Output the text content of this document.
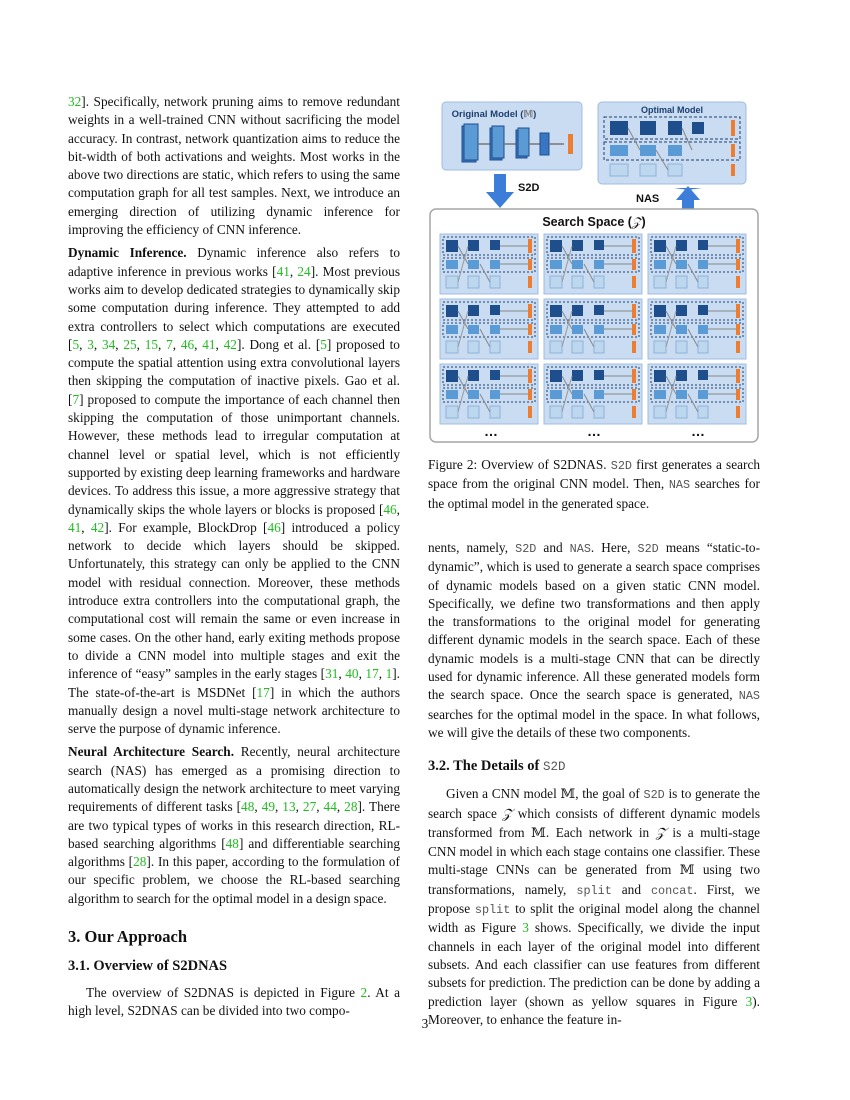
32]. Specifically, network pruning aims to remove redundant weights in a well-trained CNN without sacrificing the model accuracy. In contrast, network quantization aims to reduce the bit-width of both activations and weights. Most works in the above two directions are static, which refers to using the same computation graph for all test samples. Next, we introduce an emerging direction of utilizing dynamic inference for improving the efficiency of CNN inference.

Dynamic Inference. Dynamic inference also refers to adaptive inference in previous works [41, 24]. Most previous works aim to develop dedicated strategies to dynamically skip some computation during inference. They attempted to add extra controllers to select which computations are executed [5, 3, 34, 25, 15, 7, 46, 41, 42]. Dong et al. [5] proposed to compute the spatial attention using extra convolutional layers then skipping the computation of inactive pixels. Gao et al. [7] proposed to compute the importance of each channel then skipping the computation of those unimportant channels. However, these methods lead to irregular computation at channel level or spatial level, which is not efficiently supported by existing deep learning frameworks and hardware devices. To address this issue, a more aggressive strategy that dynamically skips the whole layers or blocks is proposed [46, 41, 42]. For example, BlockDrop [46] introduced a policy network to decide which layers should be skipped. Unfortunately, this strategy can only be applied to the CNN model with residual connection. Moreover, these methods introduce extra controllers into the computational graph, the computational cost will remain the same or even increase in some cases. On the other hand, early exiting methods propose to divide a CNN model into multiple stages and exit the inference of “easy” samples in the early stages [31, 40, 17, 1]. The state-of-the-art is MSDNet [17] in which the authors manually design a novel multi-stage network architecture to serve the purpose of dynamic inference.

Neural Architecture Search. Recently, neural architecture search (NAS) has emerged as a promising direction to automatically design the network architecture to meet varying requirements of different tasks [48, 49, 13, 27, 44, 28]. There are two typical types of works in this research direction, RL-based searching algorithms [48] and differentiable searching algorithms [28]. In this paper, according to the formulation of our specific problem, we choose the RL-based searching algorithm to search for the optimal model in a design space.

3. Our Approach
3.1. Overview of S2DNAS

The overview of S2DNAS is depicted in Figure 2. At a high level, S2DNAS can be divided into two compo-

Original Model (𝕄)	Optimal Model
S2D
NAS
Search Space (𝒵)
…	…	…
Figure 2: Overview of S2DNAS. S2D first generates a search space from the original CNN model. Then, NAS searches for the optimal model in the generated space.

nents, namely, S2D and NAS. Here, S2D means “static-to-dynamic”, which is used to generate a search space comprises of dynamic models based on a given static CNN model. Specifically, we define two transformations and then apply the transformations to the original model for generating different dynamic models in the search space. Each of these dynamic models is a multi-stage CNN that can be directly used for dynamic inference. All these generated models form the search space. Once the search space is generated, NAS searches for the optimal model in the space. In what follows, we will give the details of these two components.

3.2. The Details of S2D

Given a CNN model 𝕄, the goal of S2D is to generate the search space 𝒵 which consists of different dynamic models transformed from 𝕄. Each network in 𝒵 is a multi-stage CNN model in which each stage contains one classifier. These multi-stage CNNs can be generated from 𝕄 using two transformations, namely, split and concat. First, we propose split to split the original model along the channel width as Figure 3 shows. Specifically, we divide the input channels in each layer of the original model into different subsets. And each classifier can use features from different subsets for prediction. The prediction can be done by adding a prediction layer (shown as yellow squares in Figure 3). Moreover, to enhance the feature in-

3
